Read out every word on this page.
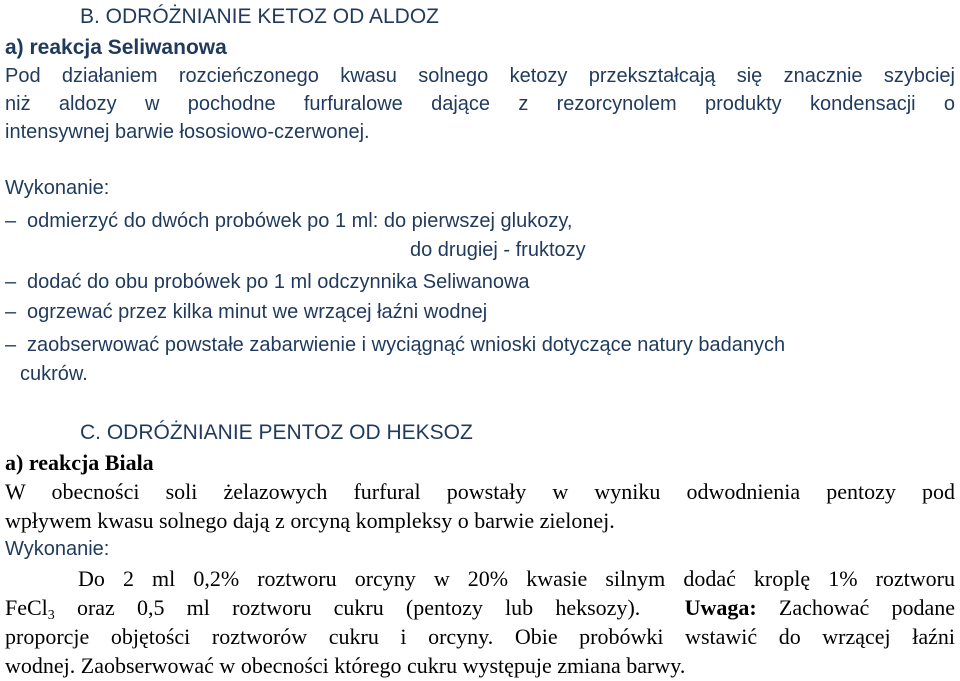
B. ODRÓŻNIANIE KETOZ OD ALDOZ
a) reakcja Seliwanowa
Pod działaniem rozcieńczonego kwasu solnego ketozy przekształcają się znacznie szybciej
niż aldozy w pochodne furfuralowe dające z rezorcynolem produkty kondensacji o
intensywnej barwie łososiowo-czerwonej.
Wykonanie:
– odmierzyć do dwóch probówek po 1 ml: do pierwszej glukozy,
do drugiej - fruktozy
– dodać do obu probówek po 1 ml odczynnika Seliwanowa
– ogrzewać przez kilka minut we wrzącej łaźni wodnej
– zaobserwować powstałe zabarwienie i wyciągnąć wnioski dotyczące natury badanych
cukrów.
C. ODRÓŻNIANIE PENTOZ OD HEKSOZ
a) reakcja Biala
W obecności soli żelazowych furfural powstały w wyniku odwodnienia pentozy pod
wpływem kwasu solnego dają z orcyną kompleksy o barwie zielonej.
Wykonanie:
Do 2 ml 0,2% roztworu orcyny w 20% kwasie silnym dodać kroplę 1% roztworu
FeCl$_3$ oraz 0,5 ml roztworu cukru (pentozy lub heksozy). Uwaga: Zachować podane
proporcje objętości roztworów cukru i orcyny. Obie probówki wstawić do wrzącej łaźni
wodnej. Zaobserwować w obecności którego cukru występuje zmiana barwy.
